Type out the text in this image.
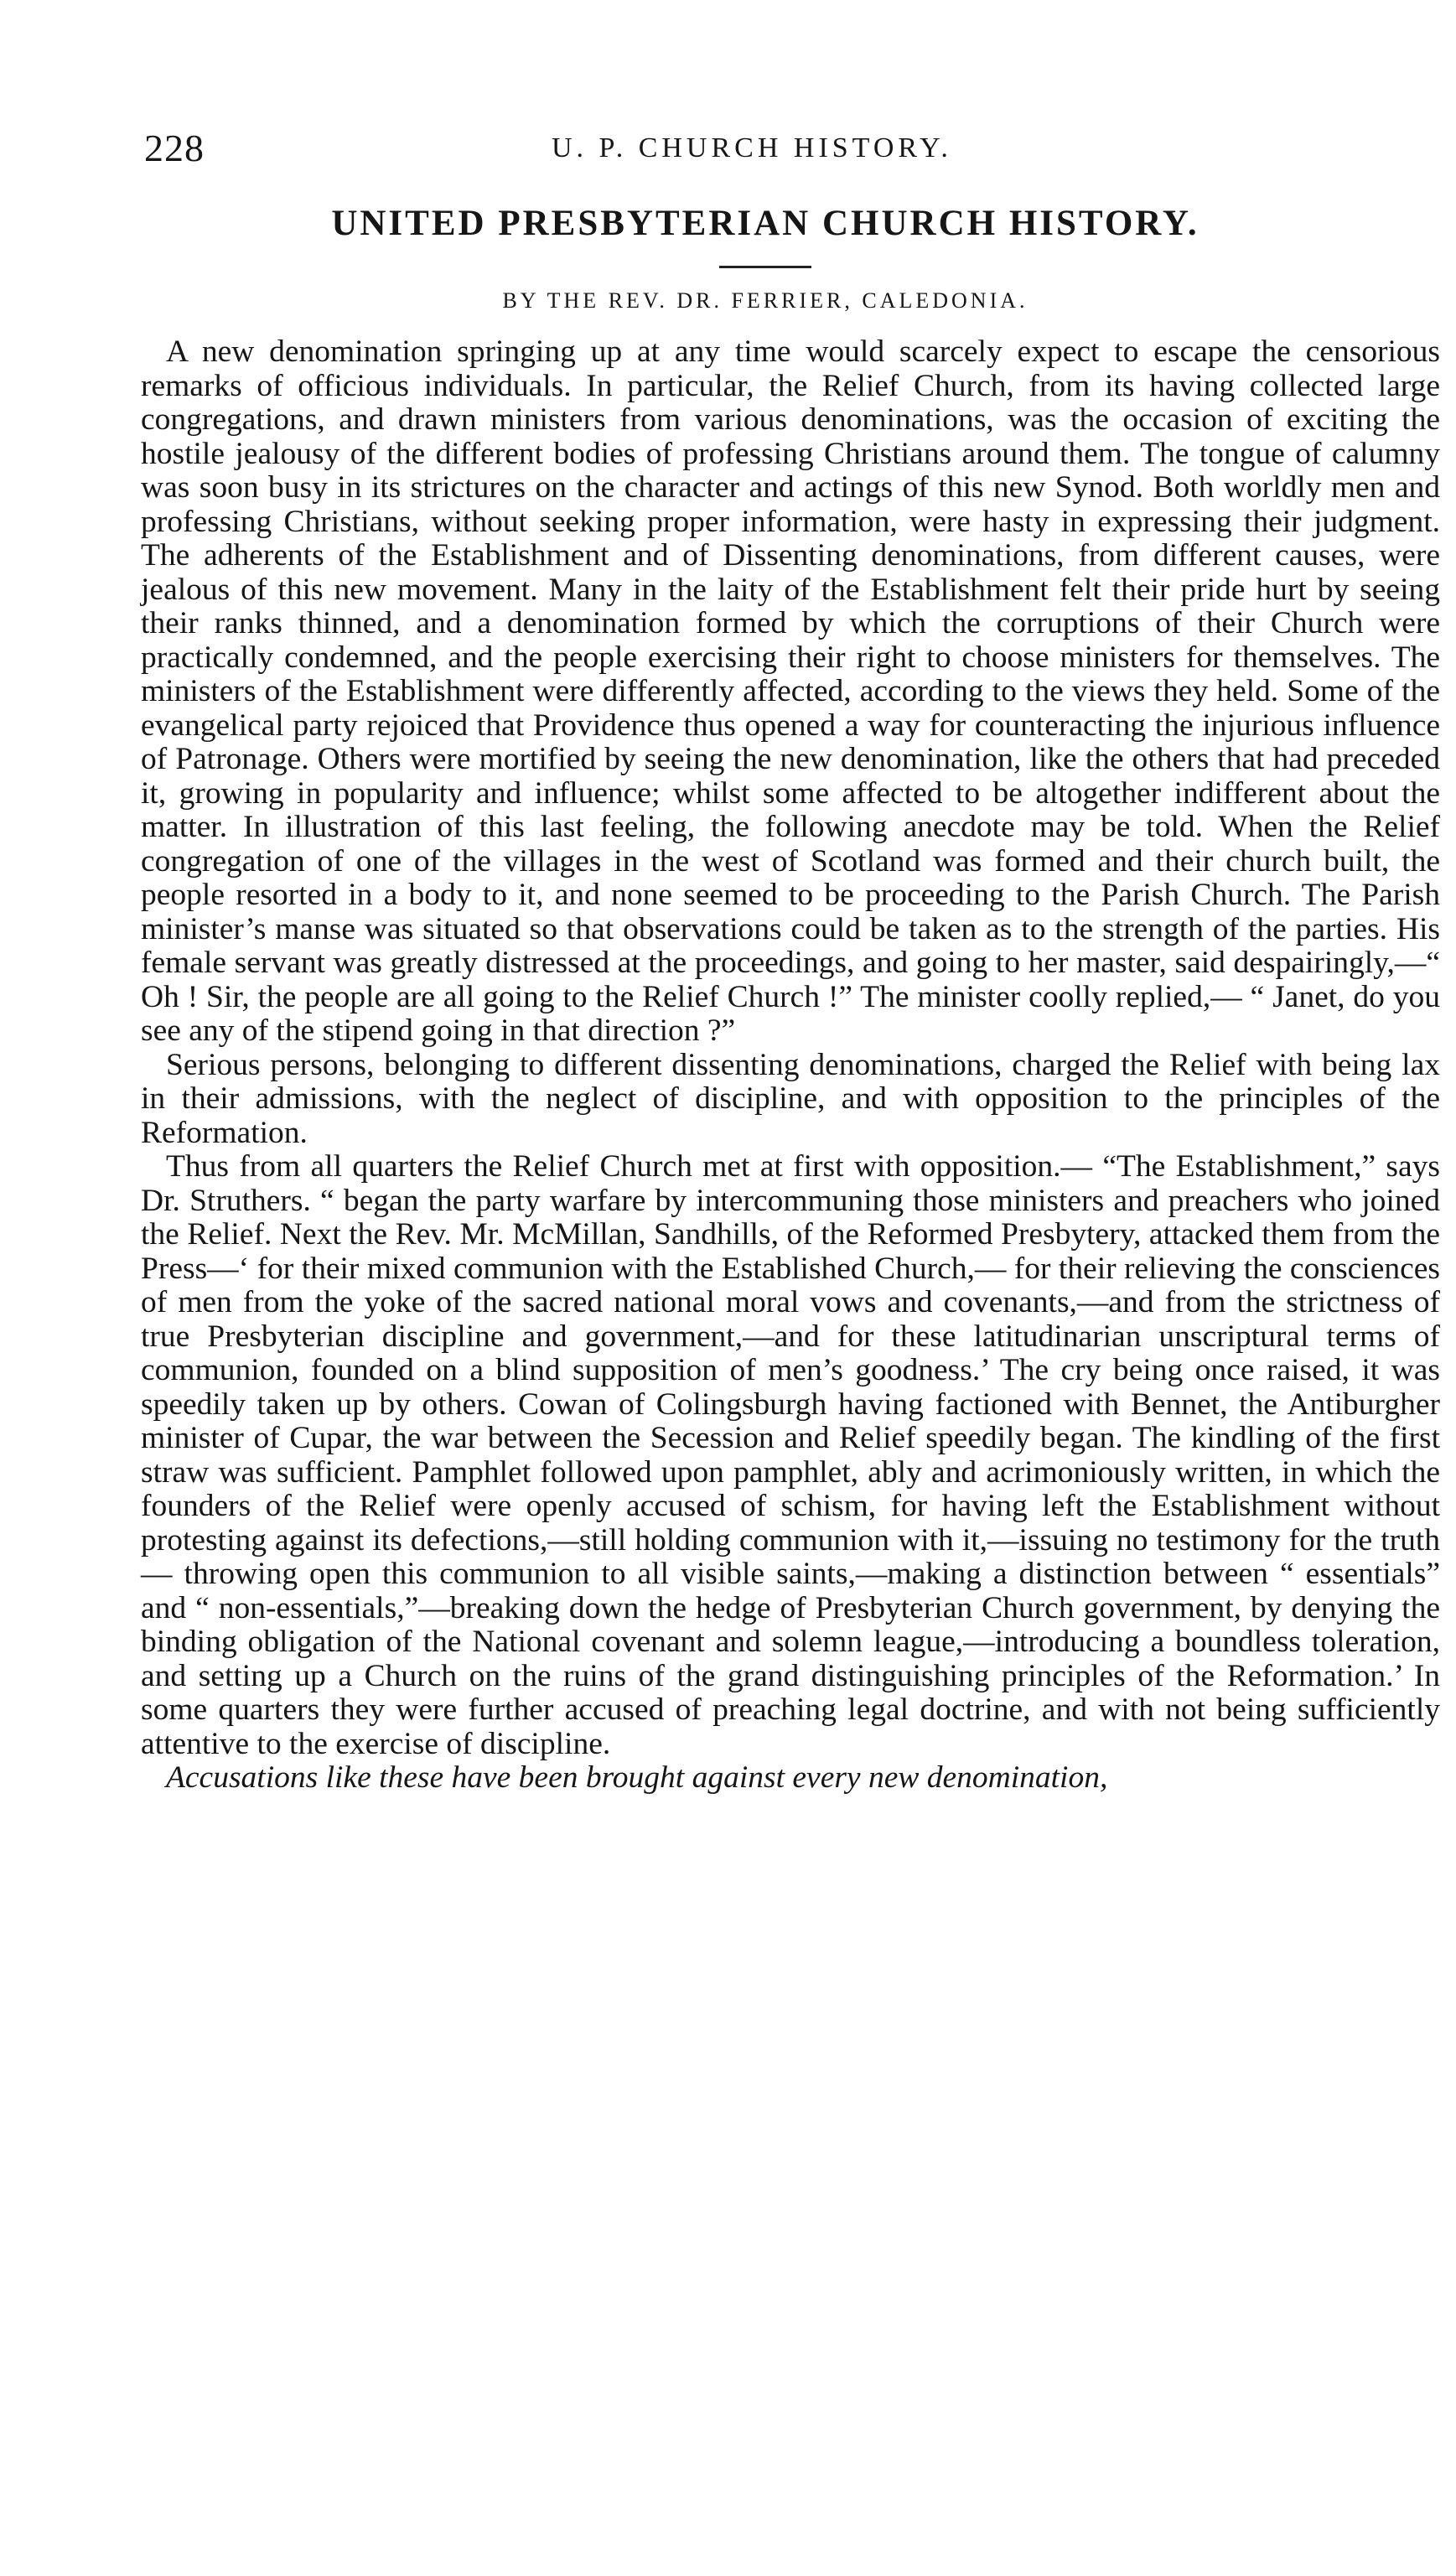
228	U. P. CHURCH HISTORY.
UNITED PRESBYTERIAN CHURCH HISTORY.
BY THE REV. DR. FERRIER, CALEDONIA.

A new denomination springing up at any time would scarcely expect to escape the censorious remarks of officious individuals. In particular, the Relief Church, from its having collected large congregations, and drawn ministers from various denominations, was the occasion of exciting the hostile jealousy of the different bodies of professing Christians around them. The tongue of calumny was soon busy in its strictures on the character and actings of this new Synod. Both worldly men and professing Christians, without seeking proper information, were hasty in expressing their judgment. The adherents of the Establishment and of Dissenting denominations, from different causes, were jealous of this new movement. Many in the laity of the Establishment felt their pride hurt by seeing their ranks thinned, and a denomination formed by which the corruptions of their Church were practically condemned, and the people exercising their right to choose ministers for themselves. The ministers of the Establishment were differently affected, according to the views they held. Some of the evangelical party rejoiced that Providence thus opened a way for counteracting the injurious influence of Patronage. Others were mortified by seeing the new denomination, like the others that had preceded it, growing in popularity and influence; whilst some affected to be altogether indifferent about the matter. In illustration of this last feeling, the following anecdote may be told. When the Relief congregation of one of the villages in the west of Scotland was formed and their church built, the people resorted in a body to it, and none seemed to be proceeding to the Parish Church. The Parish minister’s manse was situated so that observations could be taken as to the strength of the parties. His female servant was greatly distressed at the proceedings, and going to her master, said despairingly,—“ Oh ! Sir, the people are all going to the Relief Church !” The minister coolly replied,— “ Janet, do you see any of the stipend going in that direction ?”

Serious persons, belonging to different dissenting denominations, charged the Relief with being lax in their admissions, with the neglect of discipline, and with opposition to the principles of the Reformation.

Thus from all quarters the Relief Church met at first with opposition.— “The Establishment,” says Dr. Struthers. “ began the party warfare by intercommuning those ministers and preachers who joined the Relief. Next the Rev. Mr. McMillan, Sandhills, of the Reformed Presbytery, attacked them from the Press—‘ for their mixed communion with the Established Church,— for their relieving the consciences of men from the yoke of the sacred national moral vows and covenants,—and from the strictness of true Presbyterian discipline and government,—and for these latitudinarian unscriptural terms of communion, founded on a blind supposition of men’s goodness.’ The cry being once raised, it was speedily taken up by others. Cowan of Colingsburgh having factioned with Bennet, the Antiburgher minister of Cupar, the war between the Secession and Relief speedily began. The kindling of the first straw was sufficient. Pamphlet followed upon pamphlet, ably and acrimoniously written, in which the founders of the Relief were openly accused of schism, for having left the Establishment without protesting against its defections,—still holding communion with it,—issuing no testimony for the truth— throwing open this communion to all visible saints,—making a distinction between “ essentials” and “ non-essentials,”—breaking down the hedge of Presbyterian Church government, by denying the binding obligation of the National covenant and solemn league,—introducing a boundless toleration, and setting up a Church on the ruins of the grand distinguishing principles of the Reformation.’ In some quarters they were further accused of preaching legal doctrine, and with not being sufficiently attentive to the exercise of discipline.

Accusations like these have been brought against every new denomination,
